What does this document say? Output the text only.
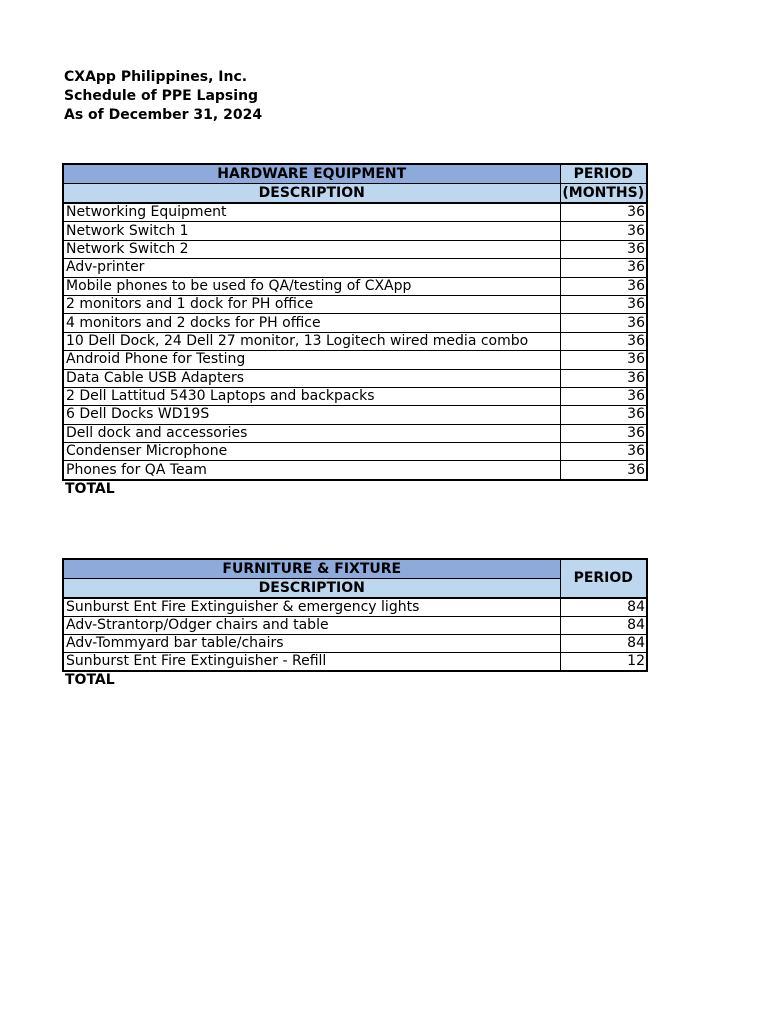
CXApp Philippines, Inc.
Schedule of PPE Lapsing
As of December 31, 2024
HARDWARE EQUIPMENT	PERIOD
DESCRIPTION	(MONTHS)
Networking Equipment	36
Network Switch 1	36
Network Switch 2	36
Adv-printer	36
Mobile phones to be used fo QA/testing of CXApp	36
2 monitors and 1 dock for PH office	36
4 monitors and 2 docks for PH office	36
10 Dell Dock, 24 Dell 27 monitor, 13 Logitech wired media combo	36
Android Phone for Testing	36
Data Cable USB Adapters	36
2 Dell Lattitud 5430 Laptops and backpacks	36
6 Dell Docks WD19S	36
Dell dock and accessories	36
Condenser Microphone	36
Phones for QA Team	36
TOTAL	
FURNITURE & FIXTURE	PERIOD
DESCRIPTION	
Sunburst Ent Fire Extinguisher & emergency lights	84
Adv-Strantorp/Odger chairs and table	84
Adv-Tommyard bar table/chairs	84
Sunburst Ent Fire Extinguisher - Refill	12
TOTAL	
